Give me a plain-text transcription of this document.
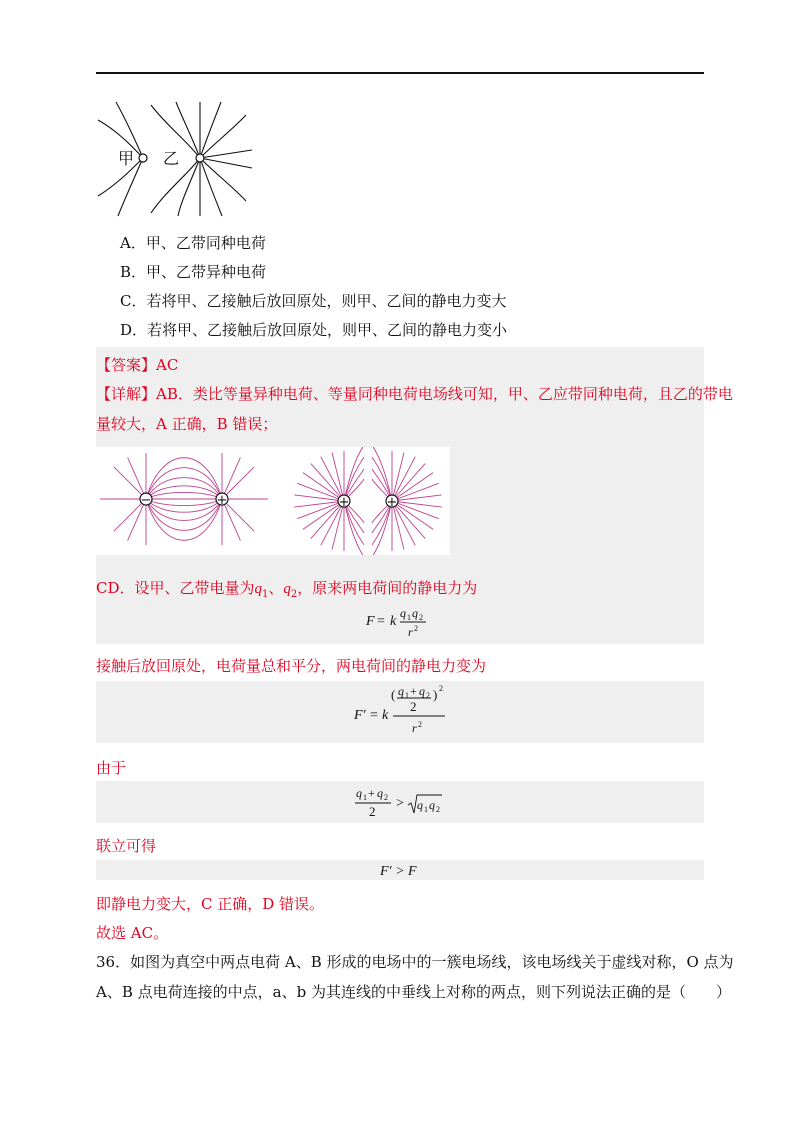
甲 乙
A．甲、乙带同种电荷
B．甲、乙带异种电荷
C．若将甲、乙接触后放回原处，则甲、乙间的静电力变大
D．若将甲、乙接触后放回原处，则甲、乙间的静电力变小
【答案】AC
【详解】AB．类比等量异种电荷、等量同种电荷电场线可知，甲、乙应带同种电荷，且乙的带电
量较大，A 正确，B 错误；
−	+	+	+
CD．设甲、乙带电量为$q_1$、$q_2$，原来两电荷间的静电力为
F = k
q 1 q 2
r 2
接触后放回原处，电荷量总和平分，两电荷间的静电力变为
F′ = k
( q 1 + q 2 ) 2
2
r 2
由于
q 1 + q 2
2
> q 1 q 2
联立可得
F′ > F
即静电力变大，C 正确，D 错误。
故选 AC。
36．如图为真空中两点电荷 A、B 形成的电场中的一簇电场线，该电场线关于虚线对称，O 点为
A、B 点电荷连接的中点，a、b 为其连线的中垂线上对称的两点，则下列说法正确的是（　　）
